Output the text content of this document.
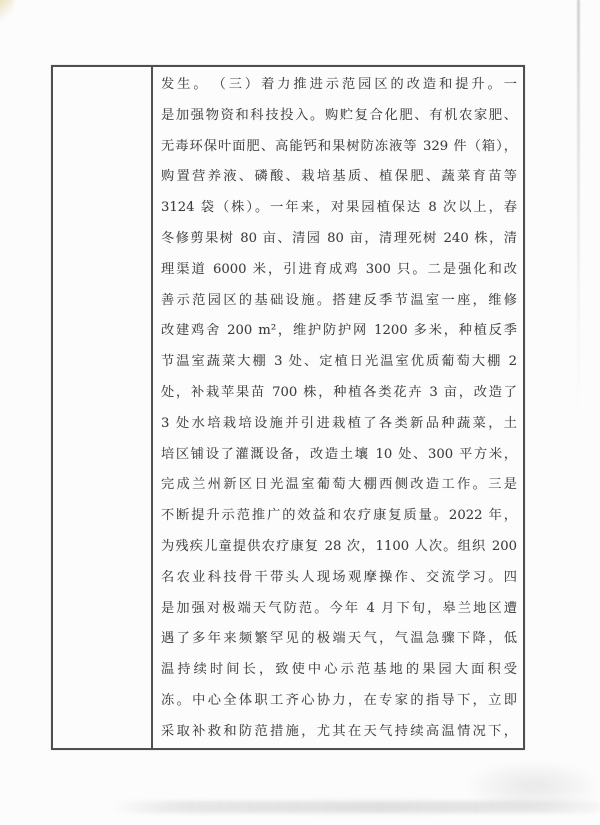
发生。　（三）着力推进示范园区的改造和提升。一
是加强物资和科技投入。购贮复合化肥、有机农家肥、
无毒环保叶面肥、高能钙和果树防冻液等 329 件（箱），
购置营养液、磷酸、栽培基质、植保肥、蔬菜育苗等
3124 袋（株）。一年来，对果园植保达 8 次以上，春
冬修剪果树 80 亩、清园 80 亩，清理死树 240 株，清
理渠道 6000 米，引进育成鸡 300 只。二是强化和改
善示范园区的基础设施。搭建反季节温室一座，维修
改建鸡舍 200 m²，维护防护网 1200 多米，种植反季
节温室蔬菜大棚 3 处、定植日光温室优质葡萄大棚 2
处，补栽苹果苗 700 株，种植各类花卉 3 亩，改造了
3 处水培栽培设施并引进栽植了各类新品种蔬菜，土
培区铺设了灌溉设备，改造土壤 10 处、300 平方米，
完成兰州新区日光温室葡萄大棚西侧改造工作。三是
不断提升示范推广的效益和农疗康复质量。2022 年，
为残疾儿童提供农疗康复 28 次，1100 人次。组织 200
名农业科技骨干带头人现场观摩操作、交流学习。四
是加强对极端天气防范。今年 4 月下旬，皋兰地区遭
遇了多年来频繁罕见的极端天气，气温急骤下降，低
温持续时间长，致使中心示范基地的果园大面积受
冻。中心全体职工齐心协力，在专家的指导下，立即
采取补救和防范措施，尤其在天气持续高温情况下，
